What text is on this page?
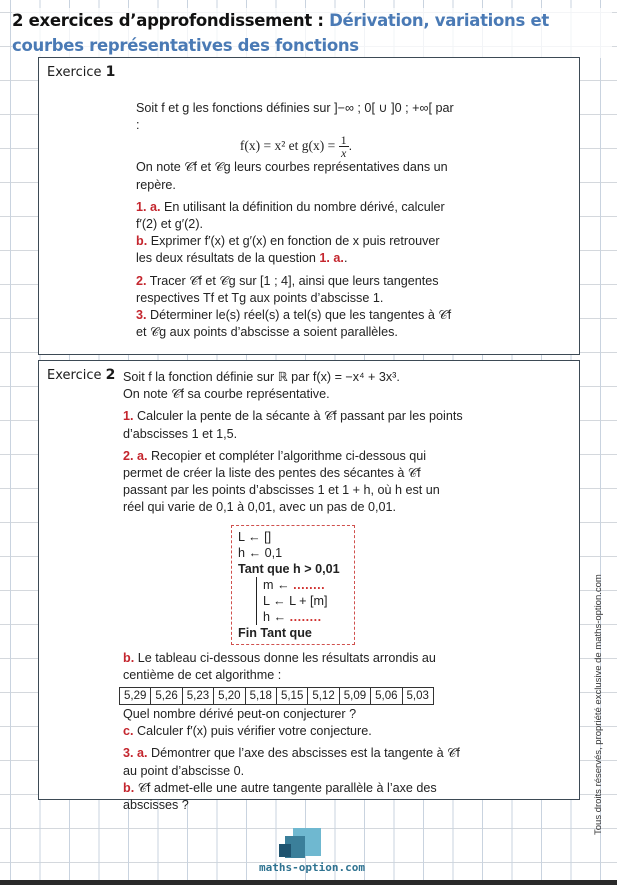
2 exercices d’approfondissement : Dérivation, variations et courbes représentatives des fonctions
Exercice 1

Soit f et g les fonctions définies sur ]−∞ ; 0[ ∪ ]0 ; +∞[ par :

f(x) = x² et $g(x) = \frac{1}{x}$ .

On note 𝒞f et 𝒞g leurs courbes représentatives dans un repère.

1. a. En utilisant la définition du nombre dérivé, calculer f′(2) et g′(2).

b. Exprimer f′(x) et g′(x) en fonction de x puis retrouver les deux résultats de la question 1. a..

2. Tracer 𝒞f et 𝒞g sur [1 ; 4], ainsi que leurs tangentes respectives Tf et Tg aux points d’abscisse 1.

3. Déterminer le(s) réel(s) a tel(s) que les tangentes à 𝒞f et 𝒞g aux points d’abscisse a soient parallèles.

Exercice 2 Soit f la fonction définie sur ℝ par f(x) = −x⁴ + 3x³.

On note 𝒞f sa courbe représentative.

1. Calculer la pente de la sécante à 𝒞f passant par les points d’abscisses 1 et 1,5.

2. a. Recopier et compléter l’algorithme ci-dessous qui permet de créer la liste des pentes des sécantes à 𝒞f passant par les points d’abscisses 1 et 1 + h, où h est un réel qui varie de 0,1 à 0,01, avec un pas de 0,01.

L ← []
h ← 0,1
Tant que h > 0,01
m ← ........
L ← L + [m]
h ← ........
Fin Tant que

b. Le tableau ci-dessous donne les résultats arrondis au centième de cet algorithme :

5,29	5,26	5,23	5,20	5,18	5,15	5,12	5,09	5,06	5,03

Quel nombre dérivé peut-on conjecturer ?

c. Calculer f′(x) puis vérifier votre conjecture.

3. a. Démontrer que l’axe des abscisses est la tangente à 𝒞f au point d’abscisse 0.

b. 𝒞f admet-elle une autre tangente parallèle à l’axe des abscisses ?	Tous droits réservés, propriété exclusive de maths-option.com
maths-option.com
